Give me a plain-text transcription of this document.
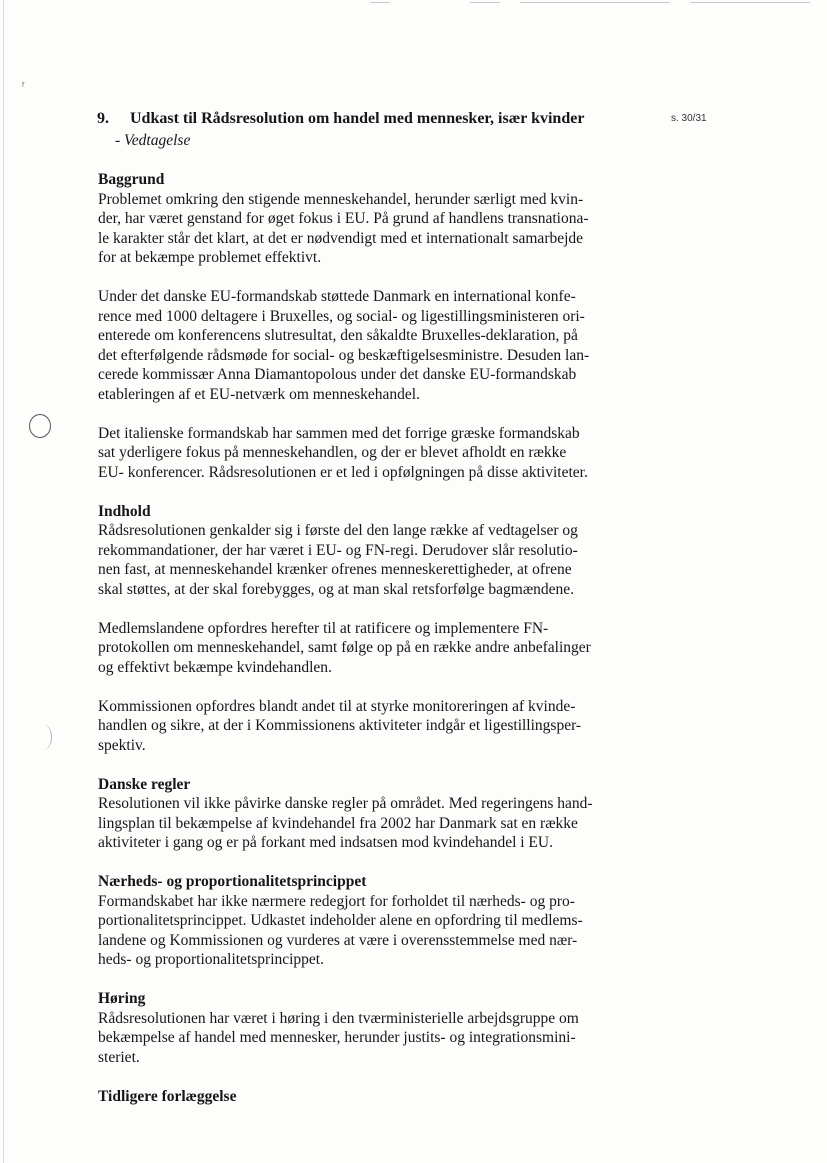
ʳ
9. Udkast til Rådsresolution om handel med mennesker, især kvinder
- Vedtagelse
s. 30/31
Baggrund
Problemet omkring den stigende menneskehandel, herunder særligt med kvin-
der, har været genstand for øget fokus i EU. På grund af handlens transnationa-
le karakter står det klart, at det er nødvendigt med et internationalt samarbejde
for at bekæmpe problemet effektivt.
Under det danske EU-formandskab støttede Danmark en international konfe-
rence med 1000 deltagere i Bruxelles, og social- og ligestillingsministeren ori-
enterede om konferencens slutresultat, den såkaldte Bruxelles-deklaration, på
det efterfølgende rådsmøde for social- og beskæftigelsesministre. Desuden lan-
cerede kommissær Anna Diamantopolous under det danske EU-formandskab
etableringen af et EU-netværk om menneskehandel.
Det italienske formandskab har sammen med det forrige græske formandskab
sat yderligere fokus på menneskehandlen, og der er blevet afholdt en række
EU- konferencer. Rådsresolutionen er et led i opfølgningen på disse aktiviteter.
Indhold
Rådsresolutionen genkalder sig i første del den lange række af vedtagelser og
rekommandationer, der har været i EU- og FN-regi. Derudover slår resolutio-
nen fast, at menneskehandel krænker ofrenes menneskerettigheder, at ofrene
skal støttes, at der skal forebygges, og at man skal retsforfølge bagmændene.
Medlemslandene opfordres herefter til at ratificere og implementere FN-
protokollen om menneskehandel, samt følge op på en række andre anbefalinger
og effektivt bekæmpe kvindehandlen.
Kommissionen opfordres blandt andet til at styrke monitoreringen af kvinde-
handlen og sikre, at der i Kommissionens aktiviteter indgår et ligestillingsper-
spektiv.
Danske regler
Resolutionen vil ikke påvirke danske regler på området. Med regeringens hand-
lingsplan til bekæmpelse af kvindehandel fra 2002 har Danmark sat en række
aktiviteter i gang og er på forkant med indsatsen mod kvindehandel i EU.
Nærheds- og proportionalitetsprincippet
Formandskabet har ikke nærmere redegjort for forholdet til nærheds- og pro-
portionalitetsprincippet. Udkastet indeholder alene en opfordring til medlems-
landene og Kommissionen og vurderes at være i overensstemmelse med nær-
heds- og proportionalitetsprincippet.
Høring
Rådsresolutionen har været i høring i den tværministerielle arbejdsgruppe om
bekæmpelse af handel med mennesker, herunder justits- og integrationsmini-
steriet.
Tidligere forlæggelse
